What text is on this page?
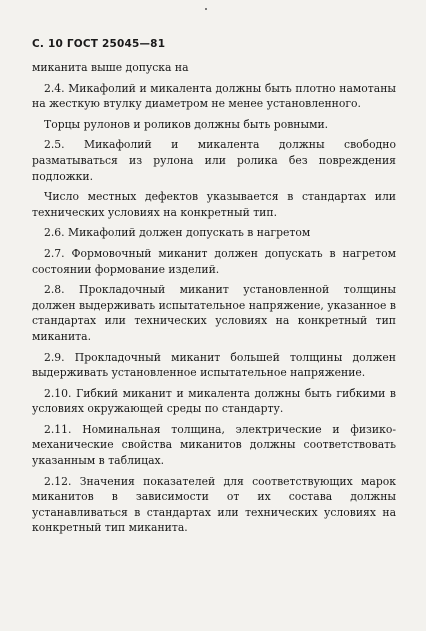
С. 10 ГОСТ 25045—81

миканита выше допуска на

2.4. Микафолий и микалента должны быть плотно намотаны на жесткую втулку диаметром не менее установленного.

Торцы рулонов и роликов должны быть ровными.

2.5. Микафолий и микалента должны свободно разматываться из рулона или ролика без повреждения подложки.

Число местных дефектов указывается в стандартах или технических условиях на конкретный тип.

2.6. Микафолий должен допускать в нагретом

2.7. Формовочный миканит должен допускать в нагретом состоянии формование изделий.

2.8. Прокладочный миканит установленной толщины должен выдерживать испытательное напряжение, указанное в стандартах или технических условиях на конкретный тип миканита.

2.9. Прокладочный миканит большей толщины должен выдерживать установленное испытательное напряжение.

2.10. Гибкий миканит и микалента должны быть гибкими в условиях окружающей среды по стандарту.

2.11. Номинальная толщина, электрические и физико-механические свойства миканитов должны соответствовать указанным в таблицах.

2.12. Значения показателей для соответствующих марок миканитов в зависимости от их состава должны устанавливаться в стандартах или технических условиях на конкретный тип миканита.
